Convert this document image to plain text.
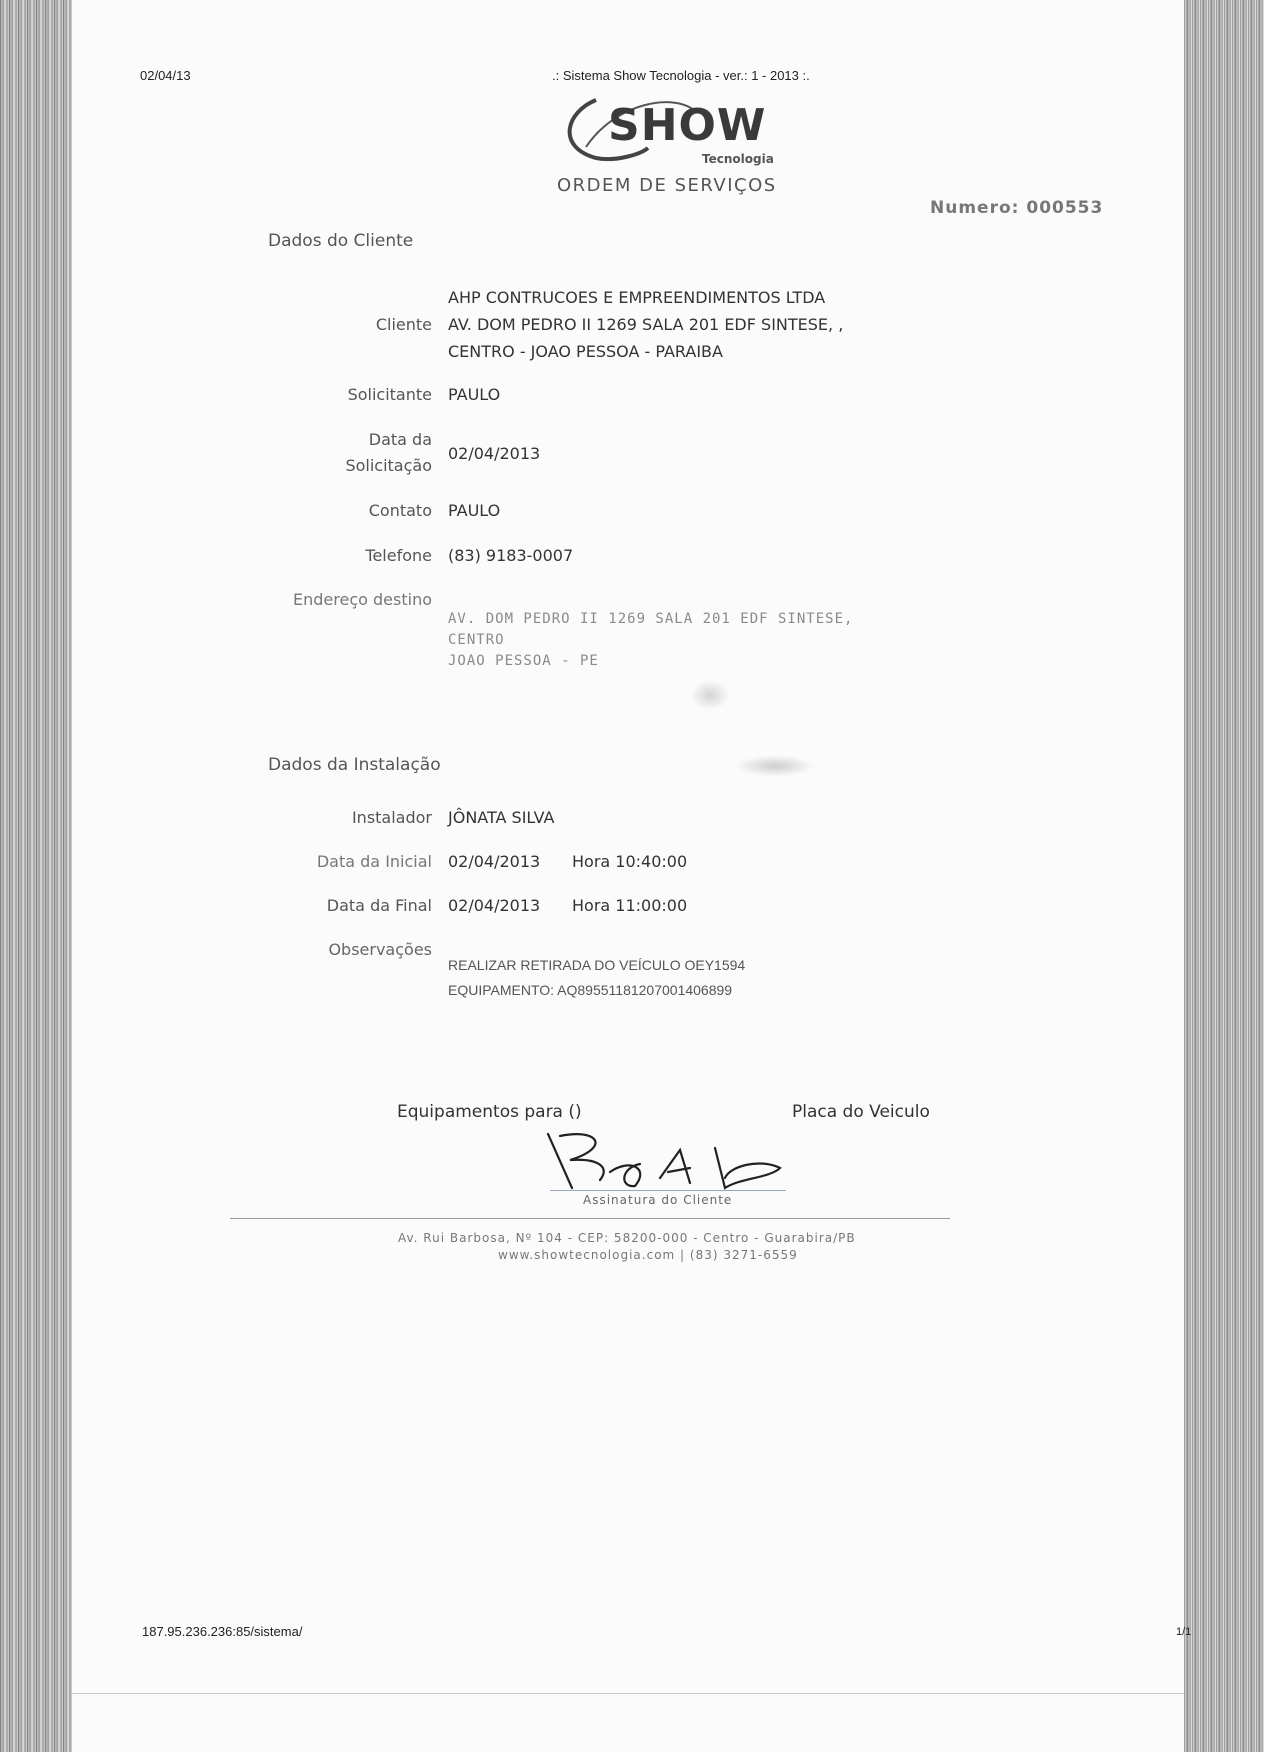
02/04/13	.: Sistema Show Tecnologia - ver.: 1 - 2013 :.
SHOW
Tecnologia
ORDEM DE SERVIÇOS
Numero: 000553
Dados do Cliente
AHP CONTRUCOES E EMPREENDIMENTOS LTDA
Cliente AV. DOM PEDRO II 1269 SALA 201 EDF SINTESE, ,
CENTRO - JOAO PESSOA - PARAIBA
Solicitante PAULO
Data da
Solicitação
02/04/2013
Contato PAULO
Telefone (83) 9183-0007
Endereço destino
AV. DOM PEDRO II 1269 SALA 201 EDF SINTESE,
CENTRO
JOAO PESSOA - PE
Dados da Instalação
Instalador JÔNATA SILVA
Data da Inicial 02/04/2013 Hora 10:40:00
Data da Final 02/04/2013 Hora 11:00:00
Observações
REALIZAR RETIRADA DO VEÍCULO OEY1594
EQUIPAMENTO: AQ89551181207001406899
Equipamentos para ()	Placa do Veiculo
Assinatura do Cliente
Av. Rui Barbosa, Nº 104 - CEP: 58200-000 - Centro - Guarabira/PB
www.showtecnologia.com | (83) 3271-6559
187.95.236.236:85/sistema/	1/1
